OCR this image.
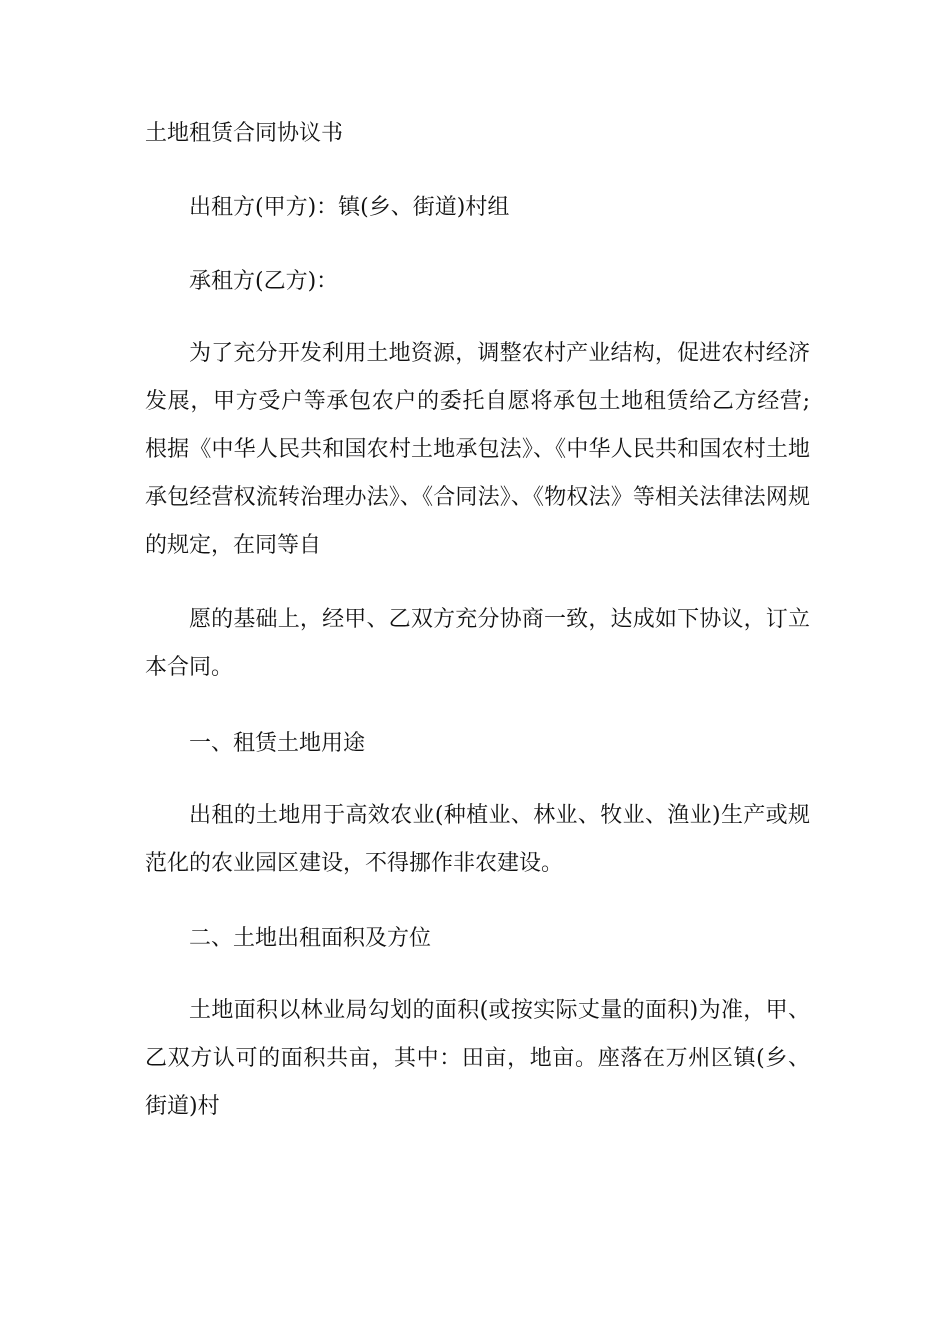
土地租赁合同协议书

出租方(甲方)：镇(乡、街道)村组

承租方(乙方)：

为了充分开发利用土地资源，调整农村产业结构，促进农村经济发展，甲方受户等承包农户的委托自愿将承包土地租赁给乙方经营;根据《中华人民共和国农村土地承包法》、《中华人民共和国农村土地承包经营权流转治理办法》、《合同法》、《物权法》等相关法律法网规的规定，在同等自

愿的基础上，经甲、乙双方充分协商一致，达成如下协议，订立本合同。

一、租赁土地用途

出租的土地用于高效农业(种植业、林业、牧业、渔业)生产或规范化的农业园区建设，不得挪作非农建设。

二、土地出租面积及方位

土地面积以林业局勾划的面积(或按实际丈量的面积)为准，甲、乙双方认可的面积共亩，其中：田亩，地亩。座落在万州区镇(乡、街道)村
